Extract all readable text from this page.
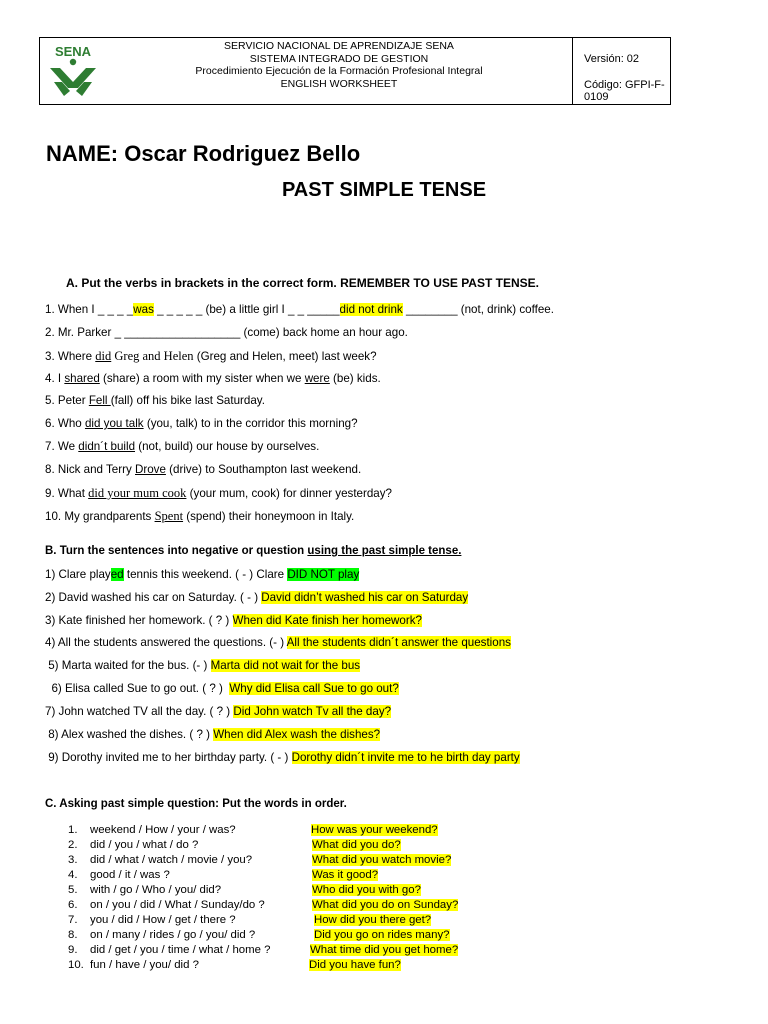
SENA	SERVICIO NACIONAL DE APRENDIZAJE SENA
SISTEMA INTEGRADO DE GESTION
Procedimiento Ejecución de la Formación Profesional Integral
ENGLISH WORKSHEET
Versión: 02
Código: GFPI-F-0109
NAME: Oscar Rodriguez Bello
PAST SIMPLE TENSE
A. Put the verbs in brackets in the correct form. REMEMBER TO USE PAST TENSE.
1. When I _ _ _ _was _ _ _ _ _ (be) a little girl I _ _ _____did not drink ________ (not, drink) coffee.
2. Mr. Parker _ __________________ (come) back home an hour ago.
3. Where did Greg and Helen (Greg and Helen, meet) last week?
4. I shared (share) a room with my sister when we were (be) kids.
5. Peter Fell (fall) off his bike last Saturday.
6. Who did you talk (you, talk) to in the corridor this morning?
7. We didn´t build (not, build) our house by ourselves.
8. Nick and Terry Drove (drive) to Southampton last weekend.
9. What did your mum cook (your mum, cook) for dinner yesterday?
10. My grandparents Spent (spend) their honeymoon in Italy.
B. Turn the sentences into negative or question using the past simple tense.
1) Clare played tennis this weekend. ( - ) Clare DID NOT play
2) David washed his car on Saturday. ( - ) David didn’t washed his car on Saturday
3) Kate finished her homework. ( ? ) When did Kate finish her homework?
4) All the students answered the questions. (- ) All the students didn´t answer the questions
5) Marta waited for the bus. (- ) Marta did not wait for the bus
6) Elisa called Sue to go out. ( ? )  Why did Elisa call Sue to go out?
7) John watched TV all the day. ( ? ) Did John watch Tv all the day?
8) Alex washed the dishes. ( ? ) When did Alex wash the dishes?
9) Dorothy invited me to her birthday party. ( - ) Dorothy didn´t invite me to he birth day party
C. Asking past simple question: Put the words in order.
1. weekend / How / your / was?	How was your weekend?
2. did / you / what / do ?	What did you do?
3. did / what / watch / movie / you?	What did you watch movie?
4. good / it / was ?	Was it good?
5. with / go / Who / you/ did?	Who did you with go?
6. on / you / did / What / Sunday/do ?	What did you do on Sunday?
7. you / did / How / get / there ?	How did you there get?
8. on / many / rides / go / you/ did ?	Did you go on rides many?
9. did / get / you / time / what / home ?	What time did you get home?
10. fun / have / you/ did ?	Did you have fun?
